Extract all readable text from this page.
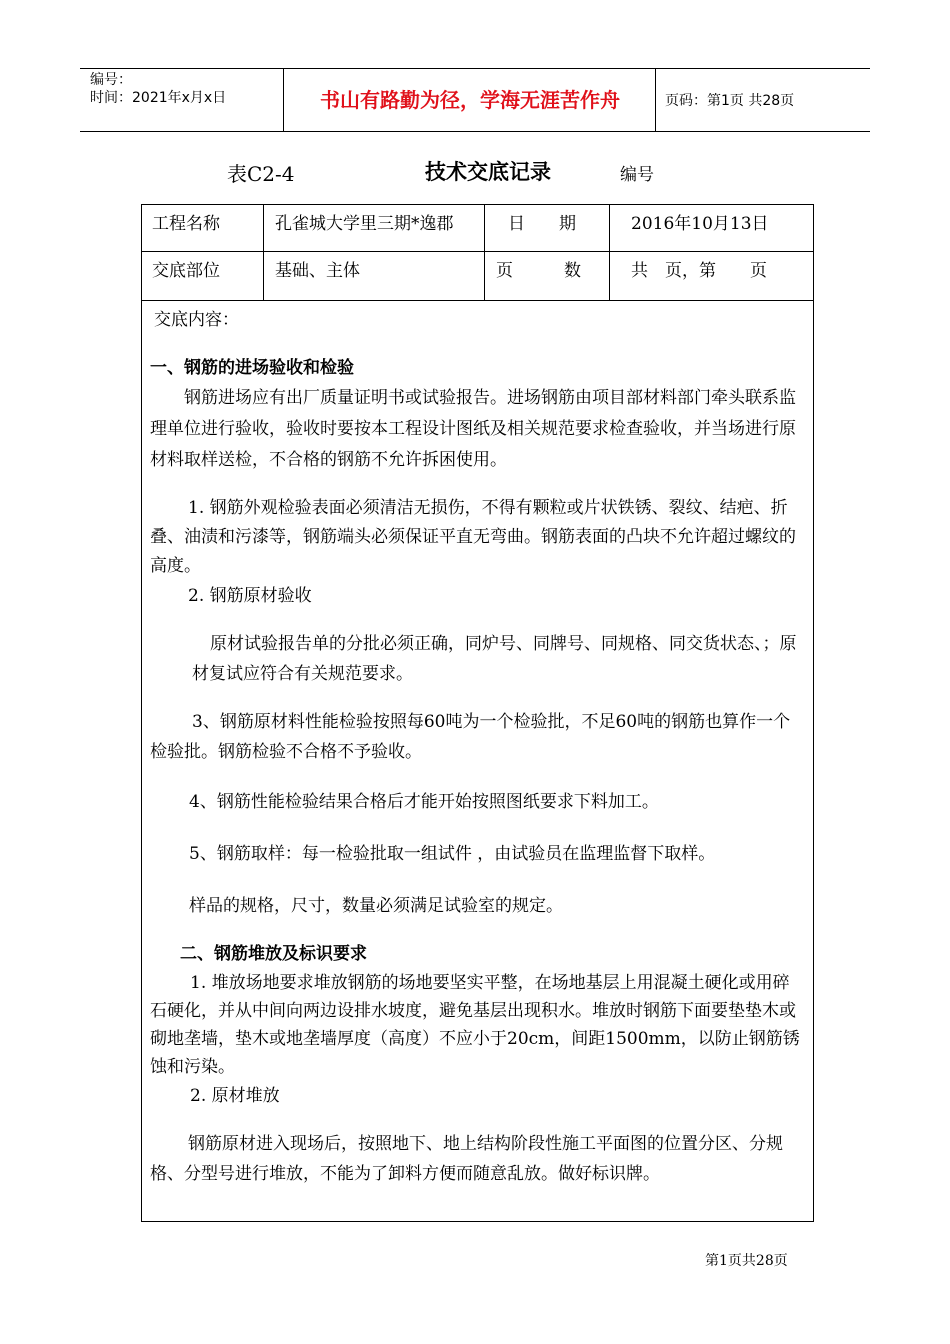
编号：
时间：2021年x月x日	书山有路勤为径，学海无涯苦作舟	页码：第1页 共28页
表C2-4	技术交底记录	编号
工程名称	孔雀城大学里三期*逸郡	日　　期	2016年10月13日
交底部位	基础、主体	页　　　数	共　页，第　　页

交底内容：

一、钢筋的进场验收和检验

钢筋进场应有出厂质量证明书或试验报告。进场钢筋由项目部材料部门牵头联系监理单位进行验收，验收时要按本工程设计图纸及相关规范要求检查验收，并当场进行原材料取样送检，不合格的钢筋不允许拆困使用。

1. 钢筋外观检验表面必须清洁无损伤，不得有颗粒或片状铁锈、裂纹、结疤、折叠、油渍和污漆等，钢筋端头必须保证平直无弯曲。钢筋表面的凸块不允许超过螺纹的高度。

2. 钢筋原材验收

原材试验报告单的分批必须正确，同炉号、同牌号、同规格、同交货状态、；原材复试应符合有关规范要求。

3、钢筋原材料性能检验按照每60吨为一个检验批，不足60吨的钢筋也算作一个检验批。钢筋检验不合格不予验收。

4、钢筋性能检验结果合格后才能开始按照图纸要求下料加工。

5、钢筋取样：每一检验批取一组试件 ，由试验员在监理监督下取样。

样品的规格，尺寸，数量必须满足试验室的规定。

二、钢筋堆放及标识要求

1. 堆放场地要求堆放钢筋的场地要坚实平整，在场地基层上用混凝土硬化或用碎石硬化，并从中间向两边设排水坡度，避免基层出现积水。堆放时钢筋下面要垫垫木或砌地垄墙，垫木或地垄墙厚度（高度）不应小于20cm，间距1500mm，以防止钢筋锈蚀和污染。

2. 原材堆放

钢筋原材进入现场后，按照地下、地上结构阶段性施工平面图的位置分区、分规格、分型号进行堆放，不能为了卸料方便而随意乱放。做好标识牌。

第1页共28页
